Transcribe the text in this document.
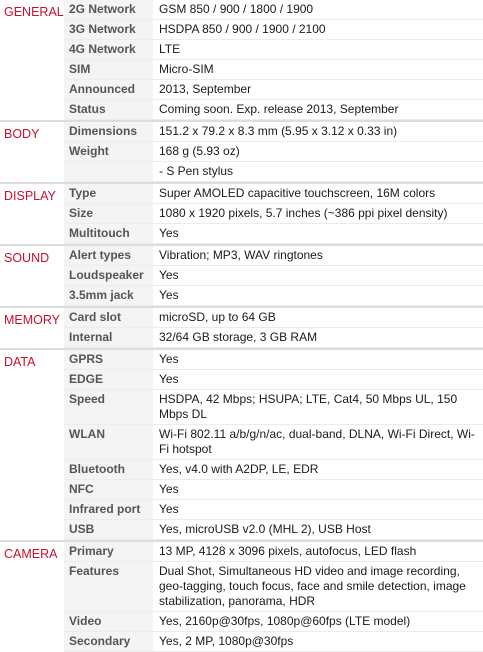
GENERAL	2G Network	GSM 850 / 900 / 1800 / 1900
	3G Network	HSDPA 850 / 900 / 1900 / 2100
	4G Network	LTE
	SIM	Micro-SIM
	Announced	2013, September
	Status	Coming soon. Exp. release 2013, September

BODY	Dimensions	151.2 x 79.2 x 8.3 mm (5.95 x 3.12 x 0.33 in)
	Weight	168 g (5.93 oz)
		- S Pen stylus

DISPLAY	Type	Super AMOLED capacitive touchscreen, 16M colors
	Size	1080 x 1920 pixels, 5.7 inches (~386 ppi pixel density)
	Multitouch	Yes

SOUND	Alert types	Vibration; MP3, WAV ringtones
	Loudspeaker	Yes
	3.5mm jack	Yes

MEMORY	Card slot	microSD, up to 64 GB
	Internal	32/64 GB storage, 3 GB RAM

DATA	GPRS	Yes
	EDGE	Yes
	Speed	HSDPA, 42 Mbps; HSUPA; LTE, Cat4, 50 Mbps UL, 150 Mbps DL
	WLAN	Wi-Fi 802.11 a/b/g/n/ac, dual-band, DLNA, Wi-Fi Direct, Wi-Fi hotspot
	Bluetooth	Yes, v4.0 with A2DP, LE, EDR
	NFC	Yes
	Infrared port	Yes
	USB	Yes, microUSB v2.0 (MHL 2), USB Host

CAMERA	Primary	13 MP, 4128 x 3096 pixels, autofocus, LED flash
	Features	Dual Shot, Simultaneous HD video and image recording, geo-tagging, touch focus, face and smile detection, image stabilization, panorama, HDR
	Video	Yes, 2160p@30fps, 1080p@60fps (LTE model)
	Secondary	Yes, 2 MP, 1080p@30fps
